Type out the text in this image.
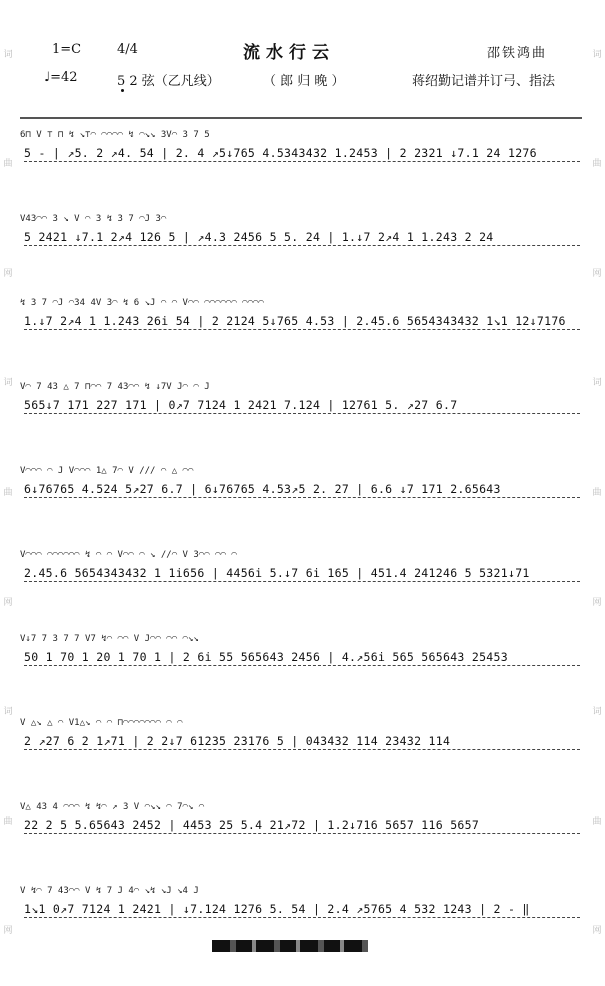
词
曲
网
词
曲
网
词
曲
网
词
曲
网
词
曲
网
词
曲
网
1=C	4/4	流水行云	邵铁鸿曲
♩=42	5 2 弦（乙凡线）	（ 郎 归 晚 ）	蒋绍勤记谱并订弓、指法
6⊓ V ⊤ ⊓ ↯ ↘⊤◠ ◠◠◠◠ ↯ ◠↘↘ 3V◠ 3 7 5
5 - | ↗5. 2 ↗4. 54 | 2. 4 ↗5↓765 4.5343432 1.2453 | 2 2321 ↓7.1 24 1276
V43◠◠ 3 ↘ V ◠ 3 ↯ 3 7 ◠J 3◠
5 2421 ↓7.1 2↗4 126 5 | ↗4.3 2456 5 5. 24 | 1.↓7 2↗4 1 1.243 2 24
↯ 3 7 ◠J ◠34 4V 3◠ ↯ 6 ↘J ◠ ◠ V◠◠ ◠◠◠◠◠◠ ◠◠◠◠
1.↓7 2↗4 1 1.243 26i 54 | 2 2124 5↓765 4.53 | 2.45.6 5654343432 1↘1 12↓7176
V◠ 7 43 △ 7 ⊓◠◠ 7 43◠◠ ↯ ↓7V J◠ ◠ J
565↓7 171 227 171 | 0↗7 7124 1 2421 7.124 | 12761 5. ↗27 6.7
V◠◠◠ ◠ J V◠◠◠ 1△ 7◠ V /// ◠ △ ◠◠
6↓76765 4.524 5↗27 6.7 | 6↓76765 4.53↗5 2. 27 | 6.6 ↓7 171 2.65643
V◠◠◠ ◠◠◠◠◠◠ ↯ ◠ ◠ V◠◠ ◠ ↘ //◠ V 3◠◠ ◠◠ ◠
2.45.6 5654343432 1 1i656 | 4456i 5.↓7 6i 165 | 451.4 241246 5 5321↓71
V↓7 7 3 7 7 V7 ↯◠ ◠◠ V J◠◠ ◠◠ ◠↘↘
50 1 70 1 20 1 70 1 | 2 6i 55 565643 2456 | 4.↗56i 565 565643 25453
V △↘ △ ◠ V1△↘ ◠ ◠ ⊓◠◠◠◠◠◠◠ ◠ ◠
2 ↗27 6 2 1↗71 | 2 2↓7 61235 23176 5 | 043432 114 23432 114
V△ 43 4 ◠◠◠ ↯ ↯◠ ↗ 3 V ◠↘↘ ◠ 7◠↘ ◠
22 2 5 5.65643 2452 | 4453 25 5.4 21↗72 | 1.2↓716 5657 116 5657
V ↯◠ 7 43◠◠ V ↯ 7 J 4◠ ↘↯ ↘J ↘4 J
1↘1 0↗7 7124 1 2421 | ↓7.124 1276 5. 54 | 2.4 ↗5765 4 532 1243 | 2 - ‖
